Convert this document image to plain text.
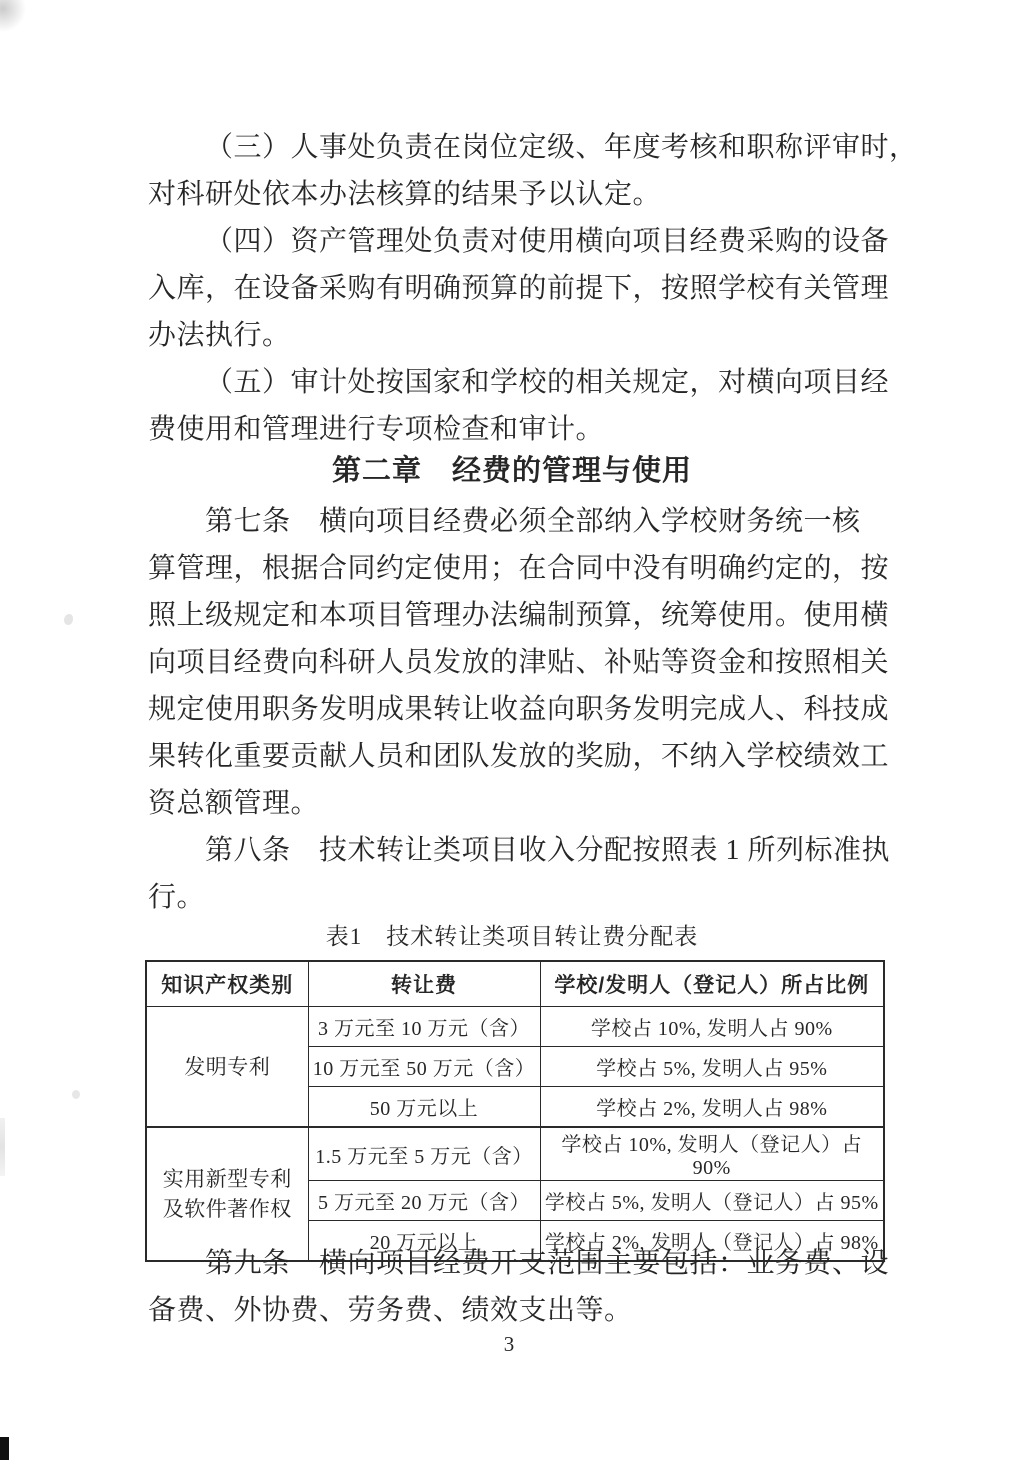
（三）人事处负责在岗位定级、年度考核和职称评审时，
对科研处依本办法核算的结果予以认定。
（四）资产管理处负责对使用横向项目经费采购的设备
入库，在设备采购有明确预算的前提下，按照学校有关管理
办法执行。
（五）审计处按国家和学校的相关规定，对横向项目经
费使用和管理进行专项检查和审计。
第二章　经费的管理与使用
第七条　横向项目经费必须全部纳入学校财务统一核
算管理，根据合同约定使用；在合同中没有明确约定的，按
照上级规定和本项目管理办法编制预算，统筹使用。使用横
向项目经费向科研人员发放的津贴、补贴等资金和按照相关
规定使用职务发明成果转让收益向职务发明完成人、科技成
果转化重要贡献人员和团队发放的奖励，不纳入学校绩效工
资总额管理。
第八条　技术转让类项目收入分配按照表 1 所列标准执
行。
表1　技术转让类项目转让费分配表
知识产权类别	转让费	学校/发明人（登记人）所占比例
发明专利	3 万元至 10 万元（含）	学校占 10%, 发明人占 90%
	10 万元至 50 万元（含）	学校占 5%, 发明人占 95%
	50 万元以上	学校占 2%, 发明人占 98%
实用新型专利及软件著作权	1.5 万元至 5 万元（含）	学校占 10%, 发明人（登记人）占 90%
	5 万元至 20 万元（含）	学校占 5%, 发明人（登记人）占 95%
	20 万元以上	学校占 2%, 发明人（登记人）占 98%
第九条　横向项目经费开支范围主要包括：业务费、设
备费、外协费、劳务费、绩效支出等。
3
